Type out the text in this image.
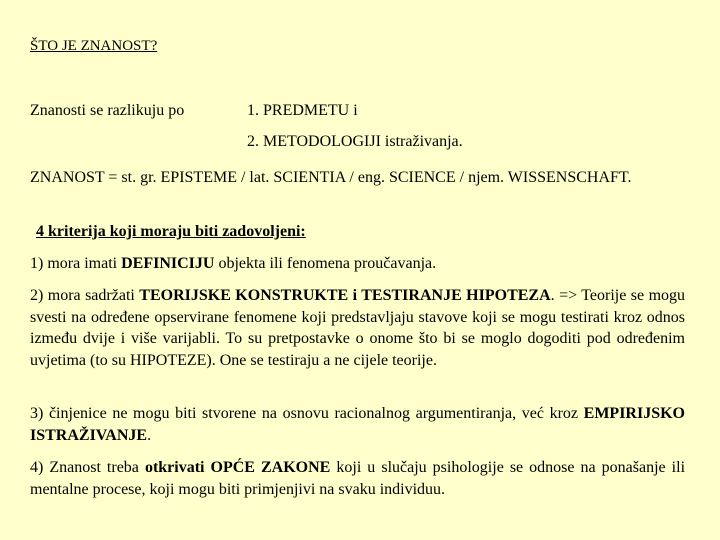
ŠTO JE ZNANOST?
Znanosti se razlikuju po	1. PREDMETU i
2. METODOLOGIJI istraživanja.
ZNANOST = st. gr. EPISTEME / lat. SCIENTIA / eng. SCIENCE / njem. WISSENSCHAFT.
4 kriterija koji moraju biti zadovoljeni:
1) mora imati DEFINICIJU objekta ili fenomena proučavanja.
2) mora sadržati TEORIJSKE KONSTRUKTE i TESTIRANJE HIPOTEZA. => Teorije se mogu svesti na određene opservirane fenomene koji predstavljaju stavove koji se mogu testirati kroz odnos između dvije i više varijabli. To su pretpostavke o onome što bi se moglo dogoditi pod određenim uvjetima (to su HIPOTEZE). One se testiraju a ne cijele teorije.
3) činjenice ne mogu biti stvorene na osnovu racionalnog argumentiranja, već kroz EMPIRIJSKO ISTRAŽIVANJE.
4) Znanost treba otkrivati OPĆE ZAKONE koji u slučaju psihologije se odnose na ponašanje ili mentalne procese, koji mogu biti primjenjivi na svaku individuu.
